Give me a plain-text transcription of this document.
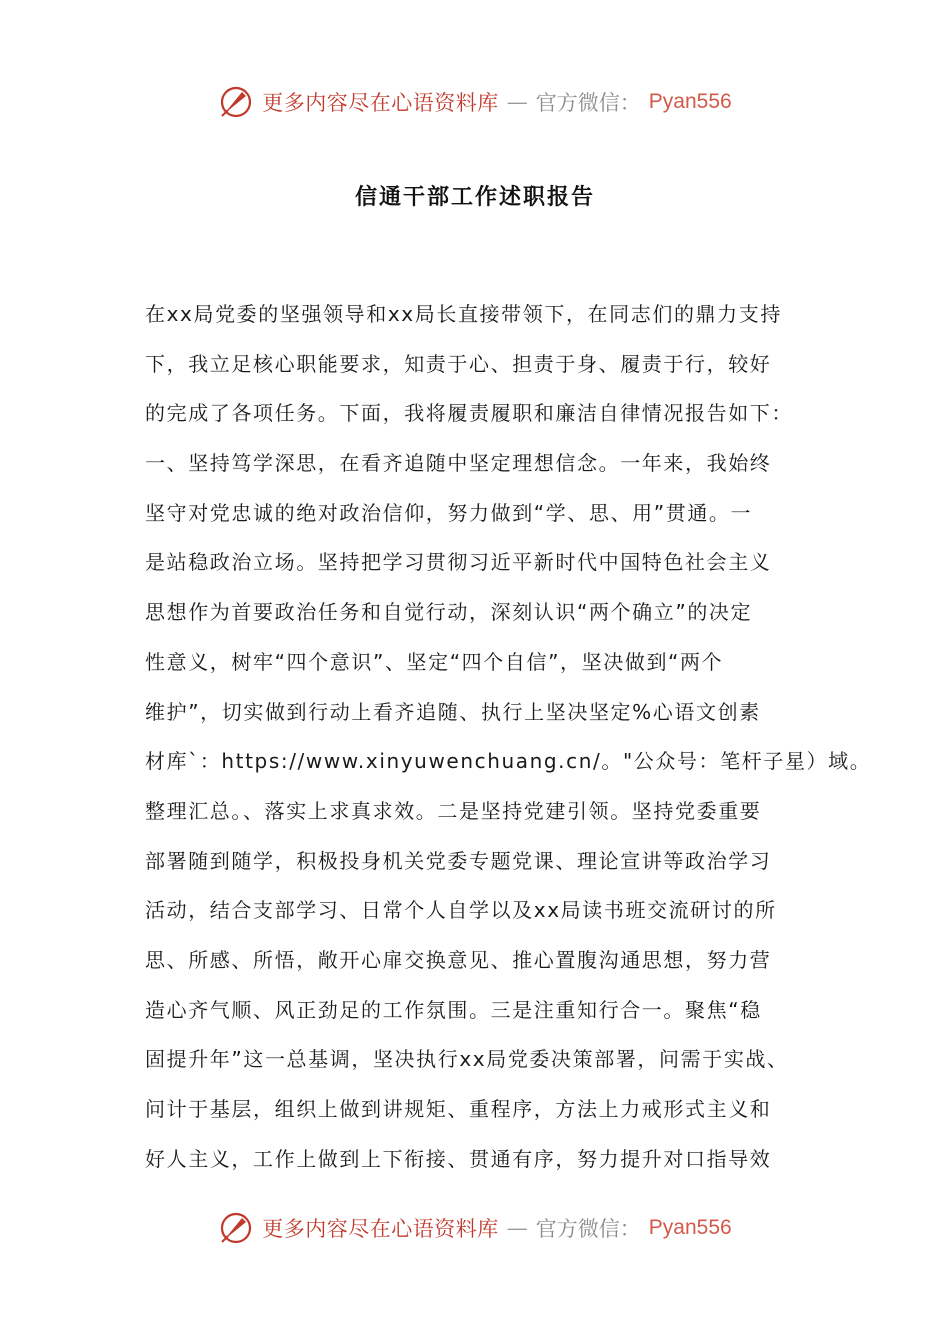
更多内容尽在心语资料库 — 官方微信： Pyan556
信通干部工作述职报告
在xx局党委的坚强领导和xx局长直接带领下，在同志们的鼎力支持
下，我立足核心职能要求，知责于心、担责于身、履责于行，较好
的完成了各项任务。下面，我将履责履职和廉洁自律情况报告如下：
一、坚持笃学深思，在看齐追随中坚定理想信念。一年来，我始终
坚守对党忠诚的绝对政治信仰，努力做到“学、思、用”贯通。一
是站稳政治立场。坚持把学习贯彻习近平新时代中国特色社会主义
思想作为首要政治任务和自觉行动，深刻认识“两个确立”的决定
性意义，树牢“四个意识”、坚定“四个自信”，坚决做到“两个
维护”，切实做到行动上看齐追随、执行上坚决坚定%心语文创素
材库`：https://www.xinyuwenchuang.cn/。"公众号：笔杆子星）域。
整理汇总。、落实上求真求效。二是坚持党建引领。坚持党委重要
部署随到随学，积极投身机关党委专题党课、理论宣讲等政治学习
活动，结合支部学习、日常个人自学以及xx局读书班交流研讨的所
思、所感、所悟，敞开心扉交换意见、推心置腹沟通思想，努力营
造心齐气顺、风正劲足的工作氛围。三是注重知行合一。聚焦“稳
固提升年”这一总基调，坚决执行xx局党委决策部署，问需于实战、
问计于基层，组织上做到讲规矩、重程序，方法上力戒形式主义和
好人主义，工作上做到上下衔接、贯通有序，努力提升对口指导效
更多内容尽在心语资料库 — 官方微信： Pyan556
